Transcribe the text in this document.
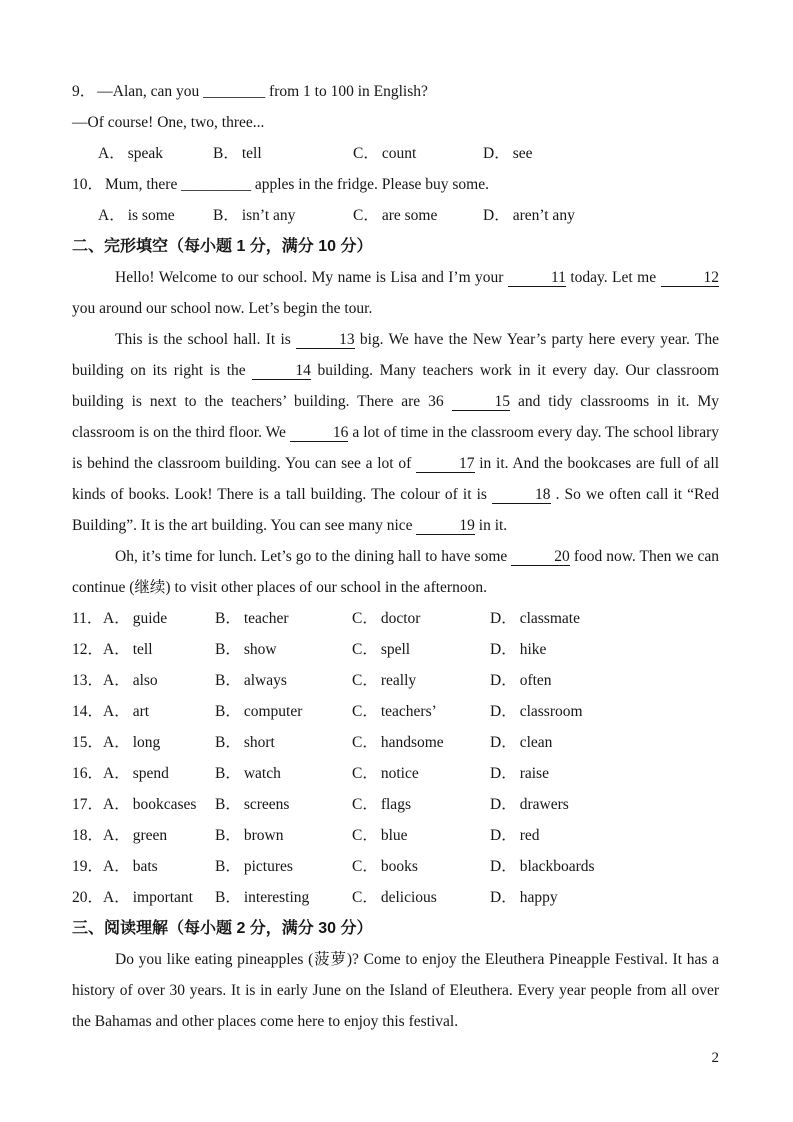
9． —Alan, can you ________ from 1 to 100 in English?
—Of course! One, two, three...
A． speak	B． tell	C． count	D． see
10． Mum, there _________ apples in the fridge. Please buy some.
A． is some	B． isn’t any	C． are some	D． aren’t any
二、完形填空（每小题 1 分，满分 10 分）

Hello! Welcome to our school. My name is Lisa and I’m your	11 today. Let me	12 you around our school now. Let’s begin the tour.

This is the school hall. It is	13 big. We have the New Year’s party here every year. The building on its right is the	14 building. Many teachers work in it every day. Our classroom building is next to the teachers’ building. There are 36	15 and tidy classrooms in it. My classroom is on the third floor. We	16 a lot of time in the classroom every day. The school library is behind the classroom building. You can see a lot of	17 in it. And the bookcases are full of all kinds of books. Look! There is a tall building. The colour of it is	18 . So we often call it “Red Building”. It is the art building. You can see many nice	19 in it.

Oh, it’s time for lunch. Let’s go to the dining hall to have some	20 food now. Then we can continue (继续) to visit other places of our school in the afternoon.

11． A． guide	B． teacher	C． doctor	D． classmate
12． A． tell	B． show	C． spell	D． hike
13． A． also	B． always	C． really	D． often
14． A． art	B． computer	C． teachers’	D． classroom
15． A． long	B． short	C． handsome	D． clean
16． A． spend	B． watch	C． notice	D． raise
17． A． bookcases	B． screens	C． flags	D． drawers
18． A． green	B． brown	C． blue	D． red
19． A． bats	B． pictures	C． books	D． blackboards
20． A． important	B． interesting	C． delicious	D． happy
三、阅读理解（每小题 2 分，满分 30 分）

Do you like eating pineapples (菠萝)? Come to enjoy the Eleuthera Pineapple Festival. It has a history of over 30 years. It is in early June on the Island of Eleuthera. Every year people from all over the Bahamas and other places come here to enjoy this festival.

2
